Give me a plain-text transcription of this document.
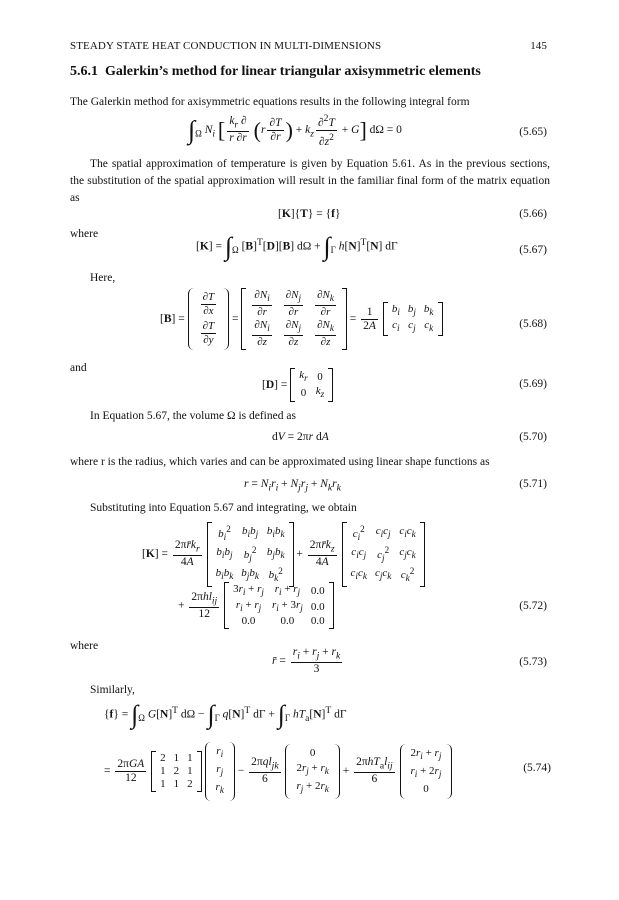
STEADY STATE HEAT CONDUCTION IN MULTI-DIMENSIONS	145
5.6.1 Galerkin’s method for linear triangular axisymmetric elements
The Galerkin method for axisymmetric equations results in the following integral form
$\int_\Omega$ $N_i$ [ $\frac{k_r \partial}{r \partial r} (r \frac{\partial T}{\partial r}$ ) + $k_z \frac{\partial^2T}{\partial z^2} + G$] dΩ = 0	(5.65)
The spatial approximation of temperature is given by Equation 5.61. As in the previous sections, the substitution of the spatial approximation will result in the familiar final form of the matrix equation as
[K]{T} = {f}	(5.66)
where
$[K] = \int_\Omega$ $[B]^T[D][B] d\Omega + \int_\Gamma$ $h[N]^T[N]$ dΓ	(5.67)
Here,
[B] =
$\frac{\partial T}{\partial x}$

$\frac{\partial T}{\partial y}$
= $\frac{\partial N_i}{\partial r}$	$\frac{\partial N_j}{\partial r}$	$\frac{\partial N_k}{\partial r}$

$\frac{\partial N_i}{\partial z}$	$\frac{\partial N_j}{\partial z}$	$\frac{\partial N_k}{\partial z}$
= $\frac{1}{2A}$
$b_i$	$b_j$	$b_k$
$c_i$	$c_j$	$c_k$	(5.68)
and
[D] =
$k_r$	0
0	$k_z$
(5.69)
In Equation 5.67, the volume Ω is defined as
dV = 2πr dA	(5.70)
where r is the radius, which varies and can be approximated using linear shape functions as
$r = N_ir_i + N_jr_j + N_kr_k$	(5.71)
Substituting into Equation 5.67 and integrating, we obtain
$[K] = \frac{2\pi r̄k_r}{4A}$

$b_i^2$	$b_ib_j$	$b_ib_k$
$b_ib_j$	$b_j^2$	$b_jb_k$
$b_ib_k$	$b_jb_k$	$b_k^2$
+ $\frac{2\pi r̄k_z}{4A}$

$c_i^2$	$c_ic_j$	$c_ic_k$
$c_ic_j$	$c_j^2$	$c_jc_k$
$c_ic_k$	$c_jc_k$	$c_k^2$
+ $\frac{2\pi hl_{ij}}{12}$

$3r_i + r_j$	$r_i + r_j$	0.0
$r_i + r_j$	$r_i + 3r_j$	0.0
0.0	0.0	0.0
(5.72)
where
r̄ = $\frac{r_i + r_j + r_k}{3}$	(5.73)
Similarly,
$\{f\} = \int_\Omega$ $G[N]^T$ $d\Omega - \int_\Gamma$ $q[N]^T$ $d\Gamma + \int_\Gamma$ $hT_a[N]^T$ dΓ
= $\frac{\text{2πGA}}{12}$
2	1	1
1	2	1
1	1	2

$r_i$
$r_j$
$r_k$
− $\frac{2\pi ql_{jk}}{6}$

0
$2r_j + r_k$
$r_j + 2r_k$
+ $\frac{2\pi hT_al_{ij}}{6}$

$2r_i + r_j$
$r_i + 2r_j$
0
(5.74)
